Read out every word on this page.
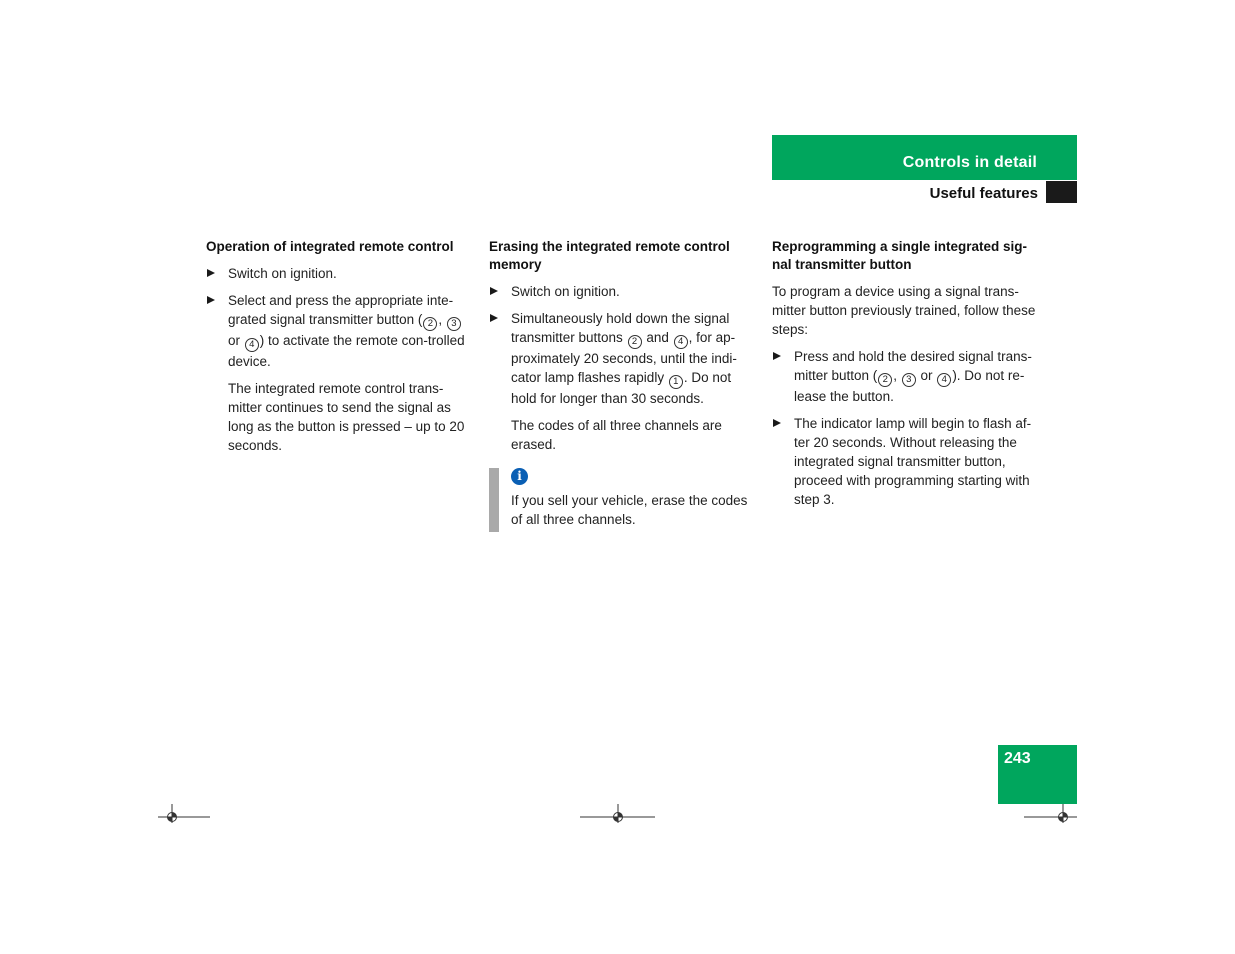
Controls in detail
Useful features
Operation of integrated remote control
Switch on ignition.
Select and press the appropriate inte-grated signal transmitter button ( 2 , 3 or 4 ) to activate the remote con-trolled device.
The integrated remote control trans-mitter continues to send the signal as long as the button is pressed – up to 20 seconds.
Erasing the integrated remote control memory
Switch on ignition.
Simultaneously hold down the signal transmitter buttons 2 and 4 , for ap-proximately 20 seconds, until the indi-cator lamp flashes rapidly 1 . Do not hold for longer than 30 seconds.
The codes of all three channels are erased.
i
If you sell your vehicle, erase the codes of all three channels.
Reprogramming a single integrated sig-nal transmitter button
To program a device using a signal trans-mitter button previously trained, follow these steps:
Press and hold the desired signal trans-mitter button ( 2 , 3 or 4 ). Do not re-lease the button.
The indicator lamp will begin to flash af-ter 20 seconds. Without releasing the integrated signal transmitter button, proceed with programming starting with step 3.
243
